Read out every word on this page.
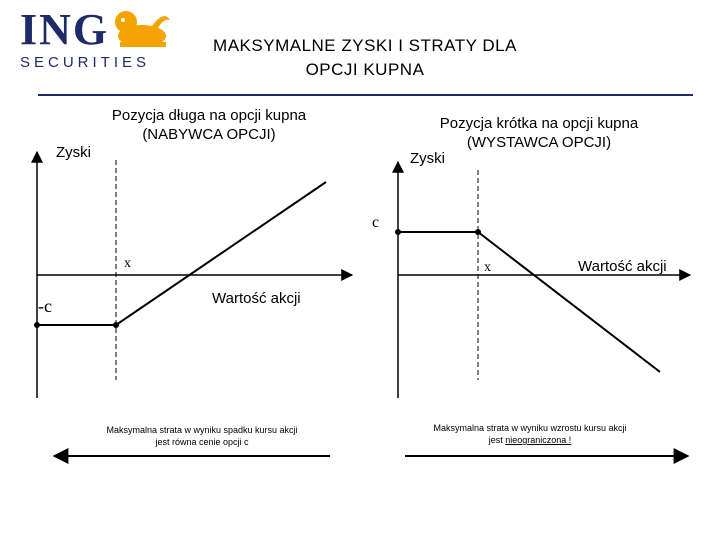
ING
SECURITIES
MAKSYMALNE ZYSKI I STRATY DLA
OPCJI KUPNA
Pozycja długa na opcji kupna
(NABYWCA OPCJI)
Zyski
x
-c	Wartość akcji
Maksymalna strata w wyniku spadku kursu akcji
jest równa cenie opcji c
Pozycja krótka na opcji kupna
(WYSTAWCA OPCJI)
Zyski
c
x	Wartość akcji
Maksymalna strata w wyniku wzrostu kursu akcji
jest nieograniczona !
